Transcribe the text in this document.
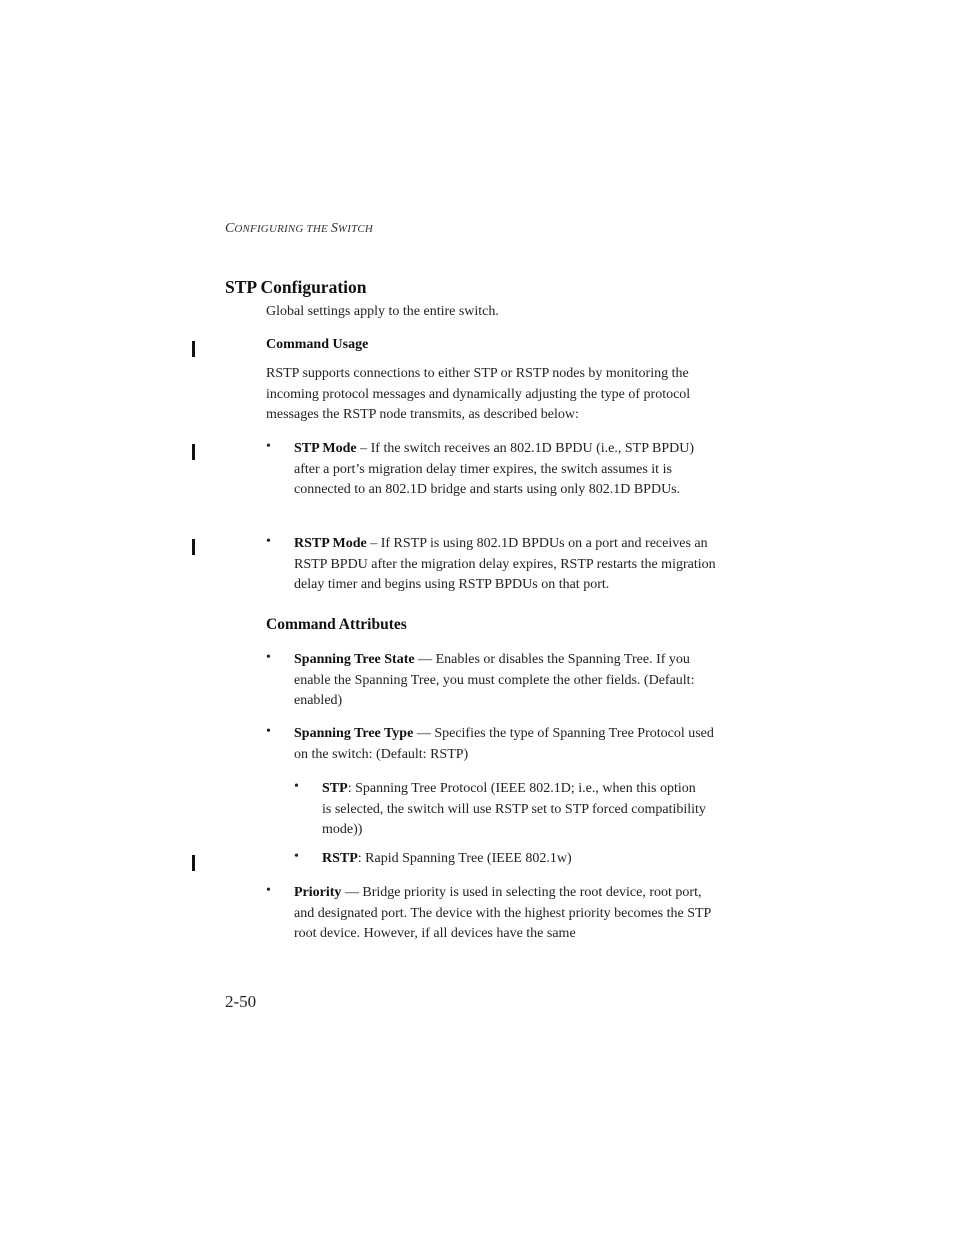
CONFIGURING THE SWITCH
STP Configuration
Global settings apply to the entire switch.
Command Usage
RSTP supports connections to either STP or RSTP nodes by monitoring the incoming protocol messages and dynamically adjusting the type of protocol messages the RSTP node transmits, as described below:
• STP Mode – If the switch receives an 802.1D BPDU (i.e., STP BPDU) after a port’s migration delay timer expires, the switch assumes it is connected to an 802.1D bridge and starts using only 802.1D BPDUs.
• RSTP Mode – If RSTP is using 802.1D BPDUs on a port and receives an RSTP BPDU after the migration delay expires, RSTP restarts the migration delay timer and begins using RSTP BPDUs on that port.
Command Attributes
• Spanning Tree State — Enables or disables the Spanning Tree. If you enable the Spanning Tree, you must complete the other fields. (Default: enabled)
• Spanning Tree Type — Specifies the type of Spanning Tree Protocol used on the switch: (Default: RSTP)
• STP: Spanning Tree Protocol (IEEE 802.1D; i.e., when this option is selected, the switch will use RSTP set to STP forced compatibility mode))
• RSTP: Rapid Spanning Tree (IEEE 802.1w)
• Priority — Bridge priority is used in selecting the root device, root port, and designated port. The device with the highest priority becomes the STP root device. However, if all devices have the same
2-50
